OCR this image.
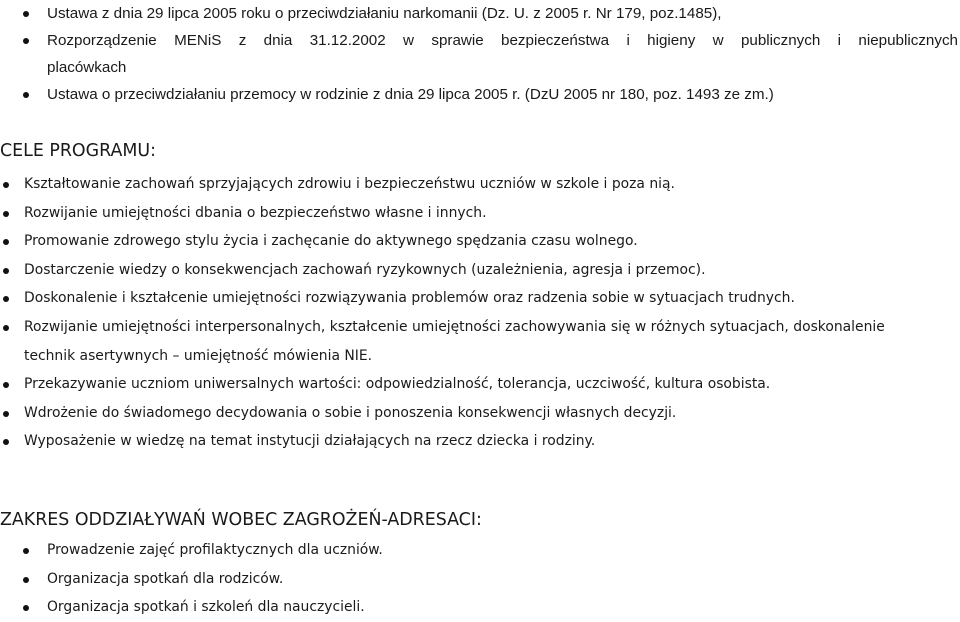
Ustawa z dnia 29 lipca 2005 roku o przeciwdziałaniu narkomanii (Dz. U. z 2005 r. Nr 179, poz.1485),
Rozporządzenie MENiS z dnia 31.12.2002 w sprawie bezpieczeństwa i higieny w publicznych i niepublicznych
placówkach
Ustawa o przeciwdziałaniu przemocy w rodzinie z dnia 29 lipca 2005 r. (DzU 2005 nr 180, poz. 1493 ze zm.)
CELE PROGRAMU:
Kształtowanie zachowań sprzyjających zdrowiu i bezpieczeństwu uczniów w szkole i poza nią.
Rozwijanie umiejętności dbania o bezpieczeństwo własne i innych.
Promowanie zdrowego stylu życia i zachęcanie do aktywnego spędzania czasu wolnego.
Dostarczenie wiedzy o konsekwencjach zachowań ryzykownych (uzależnienia, agresja i przemoc).
Doskonalenie i kształcenie umiejętności rozwiązywania problemów oraz radzenia sobie w sytuacjach trudnych.
Rozwijanie umiejętności interpersonalnych, kształcenie umiejętności zachowywania się w różnych sytuacjach, doskonalenie technik asertywnych – umiejętność mówienia NIE.
Przekazywanie uczniom uniwersalnych wartości: odpowiedzialność, tolerancja, uczciwość, kultura osobista.
Wdrożenie do świadomego decydowania o sobie i ponoszenia konsekwencji własnych decyzji.
Wyposażenie w wiedzę na temat instytucji działających na rzecz dziecka i rodziny.
ZAKRES ODDZIAŁYWAŃ WOBEC ZAGROŻEŃ-ADRESACI:
Prowadzenie zajęć profilaktycznych dla uczniów.
Organizacja spotkań dla rodziców.
Organizacja spotkań i szkoleń dla nauczycieli.
